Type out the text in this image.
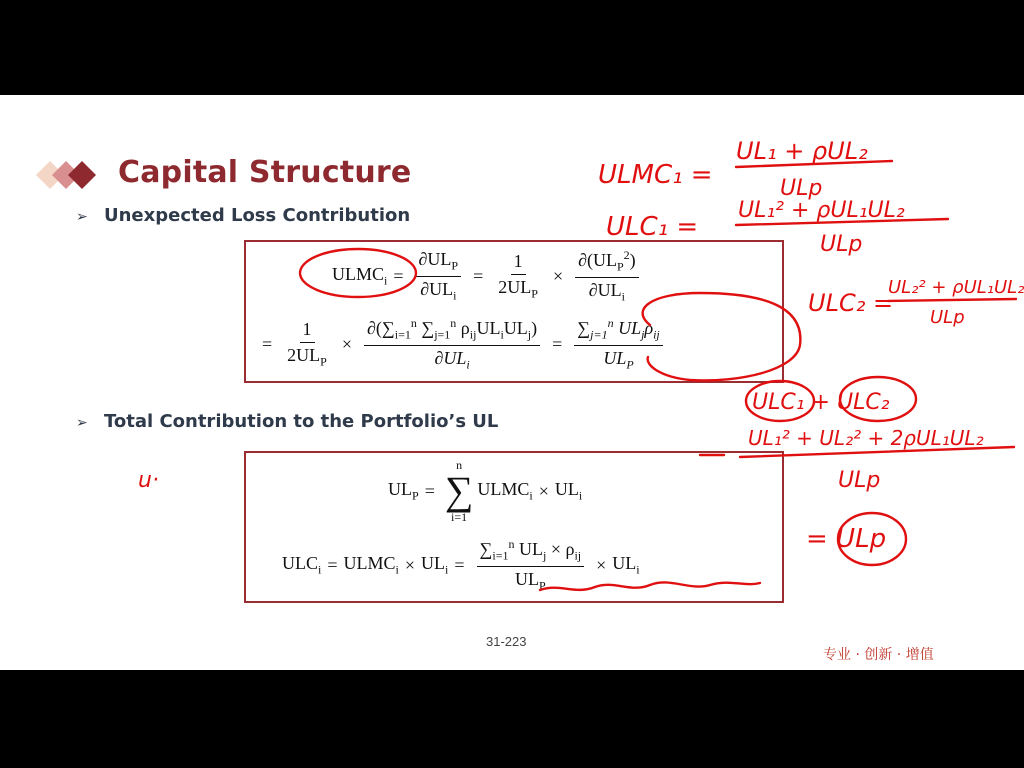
Capital Structure
➢ Unexpected Loss Contribution
$ULMC_i = \frac{\partial UL_P}{\partial UL_i} = \frac{1}{2UL_P} \times \frac{\partial(UL_P^2)}{\partial UL_i}$
= $\frac{1}{2UL_P} \times \frac{\partial(\sum_{i=1}^n \sum_{j=1}^n \rho_{ij}UL_iUL_j)}{\partial UL_i} = \frac{\sum_{j=1}^n UL_j\rho_{ij}}{UL_P}$
➢ Total Contribution to the Portfolio’s UL
$UL_P$ =
n
∑
i=1
$ULMC_i \times UL_i$
$ULC_i$ = $ULMC_i \times UL_i = \frac{\sum_{i=1}^n UL_j \times \rho_{ij}}{UL_P} \times UL_i$
31-223
专业 · 创新 · 增值
u·
ULMC₁ =
UL₁ + ρUL₂
ULp
ULC₁ =
UL₁² + ρUL₁UL₂
ULp
ULC₂ =
UL₂² + ρUL₁UL₂
ULp
ULC₁ + ULC₂
UL₁² + UL₂² + 2ρUL₁UL₂
ULp
= ULp
